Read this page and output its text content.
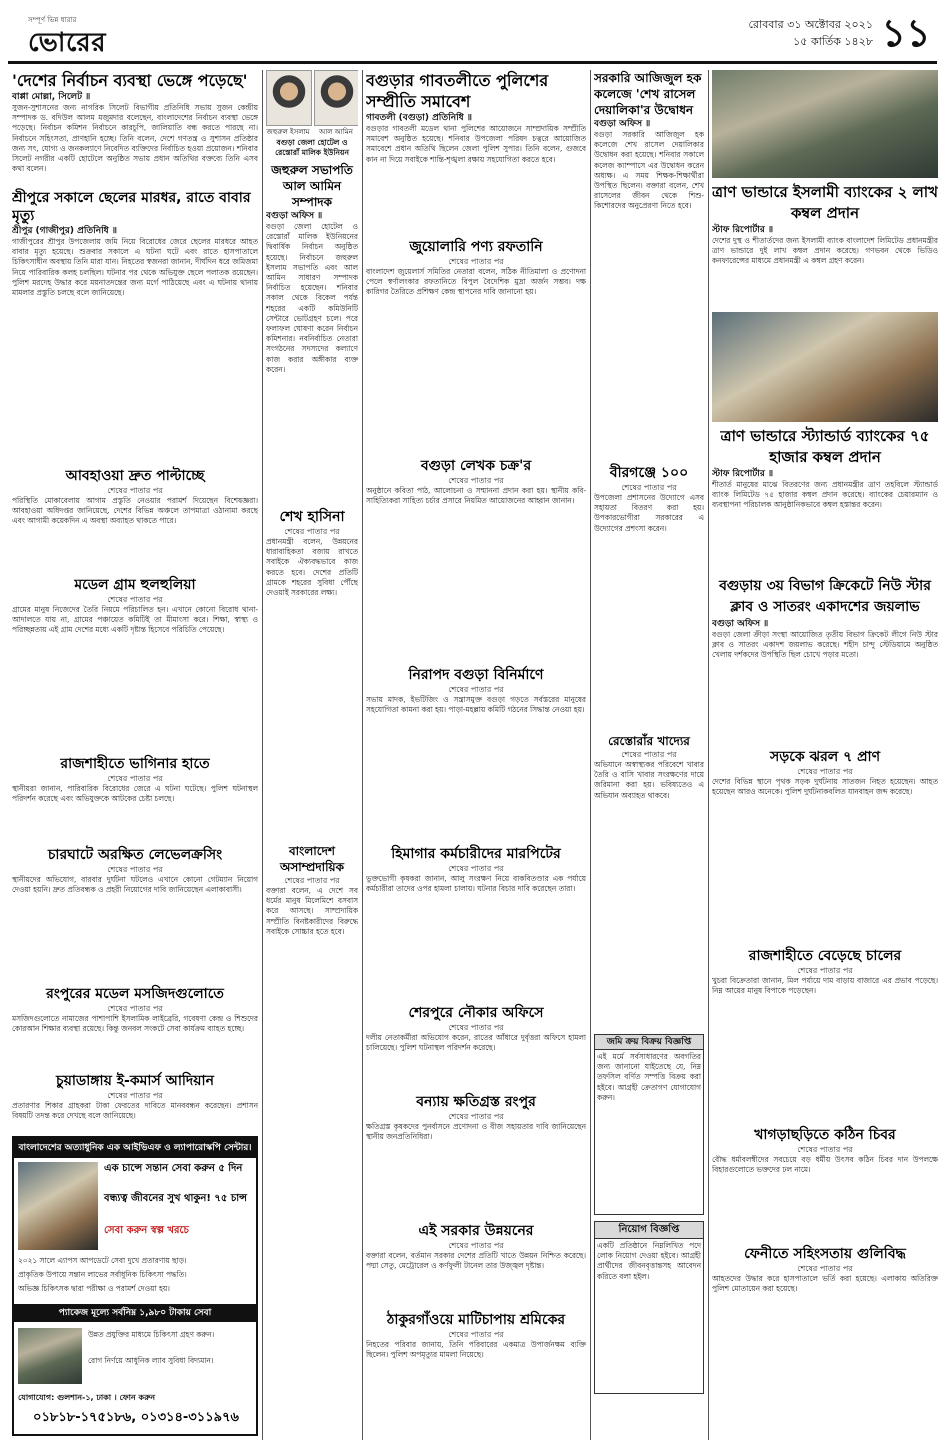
সম্পূর্ণ ভিন্ন ধারার
ভোরের
রোববার ৩১ অক্টোবর ২০২১
১৫ কার্তিক ১৪২৮ ১১
'দেশের নির্বাচন ব্যবস্থা ভেঙ্গে পড়েছে'
বাপ্পা মোল্লা, সিলেট ॥
সুজন-সুশাসনের জন্য নাগরিক সিলেট বিভাগীয় প্রতিনিধি সভায় সুজন কেন্দ্রীয় সম্পাদক ড. বদিউল আলম মজুমদার বলেছেন, বাংলাদেশের নির্বাচন ব্যবস্থা ভেঙ্গে পড়েছে। নির্বাচন কমিশন নির্বাচনে কারচুপি, জালিয়াতি বন্ধ করতে পারছে না। নির্বাচনে সহিংসতা, প্রাণহানি হচ্ছে। তিনি বলেন, দেশে গণতন্ত্র ও সুশাসন প্রতিষ্ঠার জন্য সৎ, যোগ্য ও জনকল্যাণে নিবেদিত ব্যক্তিদের নির্বাচিত হওয়া প্রয়োজন। শনিবার সিলেট নগরীর একটি হোটেলে অনুষ্ঠিত সভায় প্রধান অতিথির বক্তব্যে তিনি এসব কথা বলেন।
শ্রীপুরে সকালে ছেলের মারধর, রাতে বাবার মৃত্যু
শ্রীপুর (গাজীপুর) প্রতিনিধি ॥
গাজীপুরের শ্রীপুর উপজেলায় জমি নিয়ে বিরোধের জেরে ছেলের মারধরে আহত বাবার মৃত্যু হয়েছে। শুক্রবার সকালে এ ঘটনা ঘটে এবং রাতে হাসপাতালে চিকিৎসাধীন অবস্থায় তিনি মারা যান। নিহতের স্বজনরা জানান, দীর্ঘদিন ধরে জমিজমা নিয়ে পারিবারিক কলহ চলছিল। ঘটনার পর থেকে অভিযুক্ত ছেলে পলাতক রয়েছেন। পুলিশ মরদেহ উদ্ধার করে ময়নাতদন্তের জন্য মর্গে পাঠিয়েছে এবং এ ঘটনায় থানায় মামলার প্রস্তুতি চলছে বলে জানিয়েছে।
আবহাওয়া দ্রুত পাল্টাচ্ছে
শেষের পাতার পর
পরিস্থিতি মোকাবেলায় আগাম প্রস্তুতি নেওয়ার পরামর্শ দিয়েছেন বিশেষজ্ঞরা। আবহাওয়া অধিদপ্তর জানিয়েছে, দেশের বিভিন্ন অঞ্চলে তাপমাত্রা ওঠানামা করছে এবং আগামী কয়েকদিন এ অবস্থা অব্যাহত থাকতে পারে।
মডেল গ্রাম হুলহুলিয়া
শেষের পাতার পর
গ্রামের মানুষ নিজেদের তৈরি নিয়মে পরিচালিত হন। এখানে কোনো বিরোধ থানা-আদালতে যায় না, গ্রামের পঞ্চায়েত কমিটিই তা মীমাংসা করে। শিক্ষা, স্বাস্থ্য ও পরিচ্ছন্নতায় এই গ্রাম দেশের মধ্যে একটি দৃষ্টান্ত হিসেবে পরিচিতি পেয়েছে।
রাজশাহীতে ভাগিনার হাতে
শেষের পাতার পর
স্থানীয়রা জানান, পারিবারিক বিরোধের জেরে এ ঘটনা ঘটেছে। পুলিশ ঘটনাস্থল পরিদর্শন করেছে এবং অভিযুক্তকে আটকের চেষ্টা চলছে।
চারঘাটে অরক্ষিত লেভেলক্রসিং
শেষের পাতার পর
স্থানীয়দের অভিযোগ, বারবার দুর্ঘটনা ঘটলেও এখানে কোনো গেটম্যান নিয়োগ দেওয়া হয়নি। দ্রুত প্রতিবন্ধক ও প্রহরী নিয়োগের দাবি জানিয়েছেন এলাকাবাসী।
রংপুরের মডেল মসজিদগুলোতে
শেষের পাতার পর
মসজিদগুলোতে নামাজের পাশাপাশি ইসলামিক লাইব্রেরি, গবেষণা কেন্দ্র ও শিশুদের কোরআন শিক্ষার ব্যবস্থা রয়েছে। কিন্তু জনবল সংকটে সেবা কার্যক্রম ব্যাহত হচ্ছে।
চুয়াডাঙ্গায় ই-কমার্স আদিয়ান
শেষের পাতার পর
প্রতারণার শিকার গ্রাহকরা টাকা ফেরতের দাবিতে মানববন্ধন করেছেন। প্রশাসন বিষয়টি তদন্ত করে দেখছে বলে জানিয়েছে।
বাংলাদেশের অত্যাধুনিক এক আইভিএফ ও ল্যাপারোস্কপি সেন্টার।
এক চান্সে সন্তান সেবা করুন ৫ দিন
বন্ধ্যত্ব জীবনের সুখ থাকুন! ৭৫ চান্স
সেবা করুন স্বল্প খরচে
২০২১ সালে এ্যাপস আপডেটে সেবা দুখে প্রতারণায় ছাড়।
প্রাকৃতিক উপায়ে সন্তান লাভের সর্বাধুনিক চিকিৎসা পদ্ধতি।
অভিজ্ঞ চিকিৎসক দ্বারা পরীক্ষা ও পরামর্শ দেওয়া হয়।
প্যাকেজ মূল্যে সর্বনিম্ন ১,৯৮০ টাকায় সেবা
উন্নত প্রযুক্তির মাধ্যমে চিকিৎসা গ্রহণ করুন।
রোগ নির্ণয়ে আধুনিক ল্যাব সুবিধা বিদ্যমান।
যোগাযোগ: গুলশান-১, ঢাকা । ফোন করুন
০১৮১৮-১৭৫১৮৬, ০১৩১৪-৩১১৯৭৬
জহুরুল ইসলাম	আল আমিন
বগুড়া জেলা হোটেল ও রেস্তোরাঁ মালিক ইউনিয়ন
জহুরুল সভাপতি আল আমিন সম্পাদক
বগুড়া অফিস ॥
বগুড়া জেলা হোটেল ও রেস্তোরাঁ মালিক ইউনিয়নের দ্বিবার্ষিক নির্বাচন অনুষ্ঠিত হয়েছে। নির্বাচনে জহুরুল ইসলাম সভাপতি এবং আল আমিন সাধারণ সম্পাদক নির্বাচিত হয়েছেন। শনিবার সকাল থেকে বিকেল পর্যন্ত শহরের একটি কমিউনিটি সেন্টারে ভোটগ্রহণ চলে। পরে ফলাফল ঘোষণা করেন নির্বাচন কমিশনার। নবনির্বাচিত নেতারা সংগঠনের সদস্যদের কল্যাণে কাজ করার অঙ্গীকার ব্যক্ত করেন।
শেখ হাসিনা
শেষের পাতার পর
প্রধানমন্ত্রী বলেন, উন্নয়নের ধারাবাহিকতা বজায় রাখতে সবাইকে ঐক্যবদ্ধভাবে কাজ করতে হবে। দেশের প্রতিটি গ্রামকে শহরের সুবিধা পৌঁছে দেওয়াই সরকারের লক্ষ্য।
বাংলাদেশ অসাম্প্রদায়িক
শেষের পাতার পর
বক্তারা বলেন, এ দেশে সব ধর্মের মানুষ মিলেমিশে বসবাস করে আসছে। সাম্প্রদায়িক সম্প্রীতি বিনষ্টকারীদের বিরুদ্ধে সবাইকে সোচ্চার হতে হবে।
বগুড়ার গাবতলীতে পুলিশের সম্প্রীতি সমাবেশ
গাবতলী (বগুড়া) প্রতিনিধি ॥
বগুড়ার গাবতলী মডেল থানা পুলিশের আয়োজনে সাম্প্রদায়িক সম্প্রীতি সমাবেশ অনুষ্ঠিত হয়েছে। শনিবার উপজেলা পরিষদ চত্বরে আয়োজিত সমাবেশে প্রধান অতিথি ছিলেন জেলা পুলিশ সুপার। তিনি বলেন, গুজবে কান না দিয়ে সবাইকে শান্তি-শৃঙ্খলা রক্ষায় সহযোগিতা করতে হবে।
জুয়োলারি পণ্য রফতানি
শেষের পাতার পর
বাংলাদেশ জুয়েলার্স সমিতির নেতারা বলেন, সঠিক নীতিমালা ও প্রণোদনা পেলে স্বর্ণালংকার রফতানিতে বিপুল বৈদেশিক মুদ্রা অর্জন সম্ভব। দক্ষ কারিগর তৈরিতে প্রশিক্ষণ কেন্দ্র স্থাপনের দাবি জানানো হয়।
বগুড়া লেখক চক্র'র
শেষের পাতার পর
অনুষ্ঠানে কবিতা পাঠ, আলোচনা ও সম্মাননা প্রদান করা হয়। স্থানীয় কবি-সাহিত্যিকরা সাহিত্য চর্চার প্রসারে নিয়মিত আয়োজনের আহ্বান জানান।
নিরাপদ বগুড়া বিনির্মাণে
শেষের পাতার পর
সভায় মাদক, ইভটিজিং ও সন্ত্রাসমুক্ত বগুড়া গড়তে সর্বস্তরের মানুষের সহযোগিতা কামনা করা হয়। পাড়া-মহল্লায় কমিটি গঠনের সিদ্ধান্ত নেওয়া হয়।
হিমাগার কর্মচারীদের মারপিটের
শেষের পাতার পর
ভুক্তভোগী কৃষকরা জানান, আলু সংরক্ষণ নিয়ে বাকবিতণ্ডার এক পর্যায়ে কর্মচারীরা তাদের ওপর হামলা চালায়। ঘটনার বিচার দাবি করেছেন তারা।
শেরপুরে নৌকার অফিসে
শেষের পাতার পর
দলীয় নেতাকর্মীরা অভিযোগ করেন, রাতের আঁধারে দুর্বৃত্তরা অফিসে হামলা চালিয়েছে। পুলিশ ঘটনাস্থল পরিদর্শন করেছে।
বন্যায় ক্ষতিগ্রস্ত রংপুর
শেষের পাতার পর
ক্ষতিগ্রস্ত কৃষকদের পুনর্বাসনে প্রণোদনা ও বীজ সহায়তার দাবি জানিয়েছেন স্থানীয় জনপ্রতিনিধিরা।
এই সরকার উন্নয়নের
শেষের পাতার পর
বক্তারা বলেন, বর্তমান সরকার দেশের প্রতিটি খাতে উন্নয়ন নিশ্চিত করেছে। পদ্মা সেতু, মেট্রোরেল ও কর্ণফুলী টানেল তার উজ্জ্বল দৃষ্টান্ত।
ঠাকুরগাঁওয়ে মাটিচাপায় শ্রমিকের
শেষের পাতার পর
নিহতের পরিবার জানায়, তিনি পরিবারের একমাত্র উপার্জনক্ষম ব্যক্তি ছিলেন। পুলিশ অপমৃত্যুর মামলা নিয়েছে।
সরকারি আজিজুল হক কলেজে 'শেখ রাসেল দেয়ালিকা'র উদ্বোধন
বগুড়া অফিস ॥
বগুড়া সরকারি আজিজুল হক কলেজে শেখ রাসেল দেয়ালিকার উদ্বোধন করা হয়েছে। শনিবার সকালে কলেজ ক্যাম্পাসে এর উদ্বোধন করেন অধ্যক্ষ। এ সময় শিক্ষক-শিক্ষার্থীরা উপস্থিত ছিলেন। বক্তারা বলেন, শেখ রাসেলের জীবন থেকে শিশু-কিশোরদের অনুপ্রেরণা নিতে হবে।
বীরগঞ্জে ১০০
শেষের পাতার পর
উপজেলা প্রশাসনের উদ্যোগে এসব সহায়তা বিতরণ করা হয়। উপকারভোগীরা সরকারের এ উদ্যোগের প্রশংসা করেন।
রেস্তোরাঁর খাদ্যের
শেষের পাতার পর
অভিযানে অস্বাস্থ্যকর পরিবেশে খাবার তৈরি ও বাসি খাবার সংরক্ষণের দায়ে জরিমানা করা হয়। ভবিষ্যতেও এ অভিযান অব্যাহত থাকবে।
জমি ক্রয় বিক্রয় বিজ্ঞপ্তি
এই মর্মে সর্বসাধারণের অবগতির জন্য জানানো যাইতেছে যে, নিম্ন তফসিল বর্ণিত সম্পত্তি বিক্রয় করা হইবে। আগ্রহী ক্রেতাগণ যোগাযোগ করুন।
নিয়োগ বিজ্ঞপ্তি
একটি প্রতিষ্ঠানে নিম্নলিখিত পদে লোক নিয়োগ দেওয়া হইবে। আগ্রহী প্রার্থীদের জীবনবৃত্তান্তসহ আবেদন করিতে বলা হইল।
ত্রাণ ভান্ডারে ইসলামী ব্যাংকের ২ লাখ কম্বল প্রদান
স্টাফ রিপোর্টার ॥
দেশের দুস্থ ও শীতার্তদের জন্য ইসলামী ব্যাংক বাংলাদেশ লিমিটেড প্রধানমন্ত্রীর ত্রাণ ভান্ডারে দুই লাখ কম্বল প্রদান করেছে। গণভবন থেকে ভিডিও কনফারেন্সের মাধ্যমে প্রধানমন্ত্রী এ কম্বল গ্রহণ করেন।
ত্রাণ ভান্ডারে স্ট্যান্ডার্ড ব্যাংকের ৭৫ হাজার কম্বল প্রদান
স্টাফ রিপোর্টার ॥
শীতার্ত মানুষের মাঝে বিতরণের জন্য প্রধানমন্ত্রীর ত্রাণ তহবিলে স্ট্যান্ডার্ড ব্যাংক লিমিটেড ৭৫ হাজার কম্বল প্রদান করেছে। ব্যাংকের চেয়ারম্যান ও ব্যবস্থাপনা পরিচালক আনুষ্ঠানিকভাবে কম্বল হস্তান্তর করেন।
বগুড়ায় ৩য় বিভাগ ক্রিকেটে নিউ স্টার ক্লাব ও সাতরং একাদশের জয়লাভ
বগুড়া অফিস ॥
বগুড়া জেলা ক্রীড়া সংস্থা আয়োজিত তৃতীয় বিভাগ ক্রিকেট লীগে নিউ স্টার ক্লাব ও সাতরং একাদশ জয়লাভ করেছে। শহীদ চান্দু স্টেডিয়ামে অনুষ্ঠিত খেলায় দর্শকদের উপস্থিতি ছিল চোখে পড়ার মতো।
সড়কে ঝরল ৭ প্রাণ
শেষের পাতার পর
দেশের বিভিন্ন স্থানে পৃথক সড়ক দুর্ঘটনায় সাতজন নিহত হয়েছেন। আহত হয়েছেন আরও অনেকে। পুলিশ দুর্ঘটনাকবলিত যানবাহন জব্দ করেছে।
রাজশাহীতে বেড়েছে চালের
শেষের পাতার পর
খুচরা বিক্রেতারা জানান, মিল পর্যায়ে দাম বাড়ায় বাজারে এর প্রভাব পড়েছে। নিম্ন আয়ের মানুষ বিপাকে পড়েছেন।
খাগড়াছড়িতে কঠিন চিবর
শেষের পাতার পর
বৌদ্ধ ধর্মাবলম্বীদের সবচেয়ে বড় ধর্মীয় উৎসব কঠিন চিবর দান উপলক্ষে বিহারগুলোতে ভক্তদের ঢল নামে।
ফেনীতে সহিংসতায় গুলিবিদ্ধ
শেষের পাতার পর
আহতদের উদ্ধার করে হাসপাতালে ভর্তি করা হয়েছে। এলাকায় অতিরিক্ত পুলিশ মোতায়েন করা হয়েছে।
